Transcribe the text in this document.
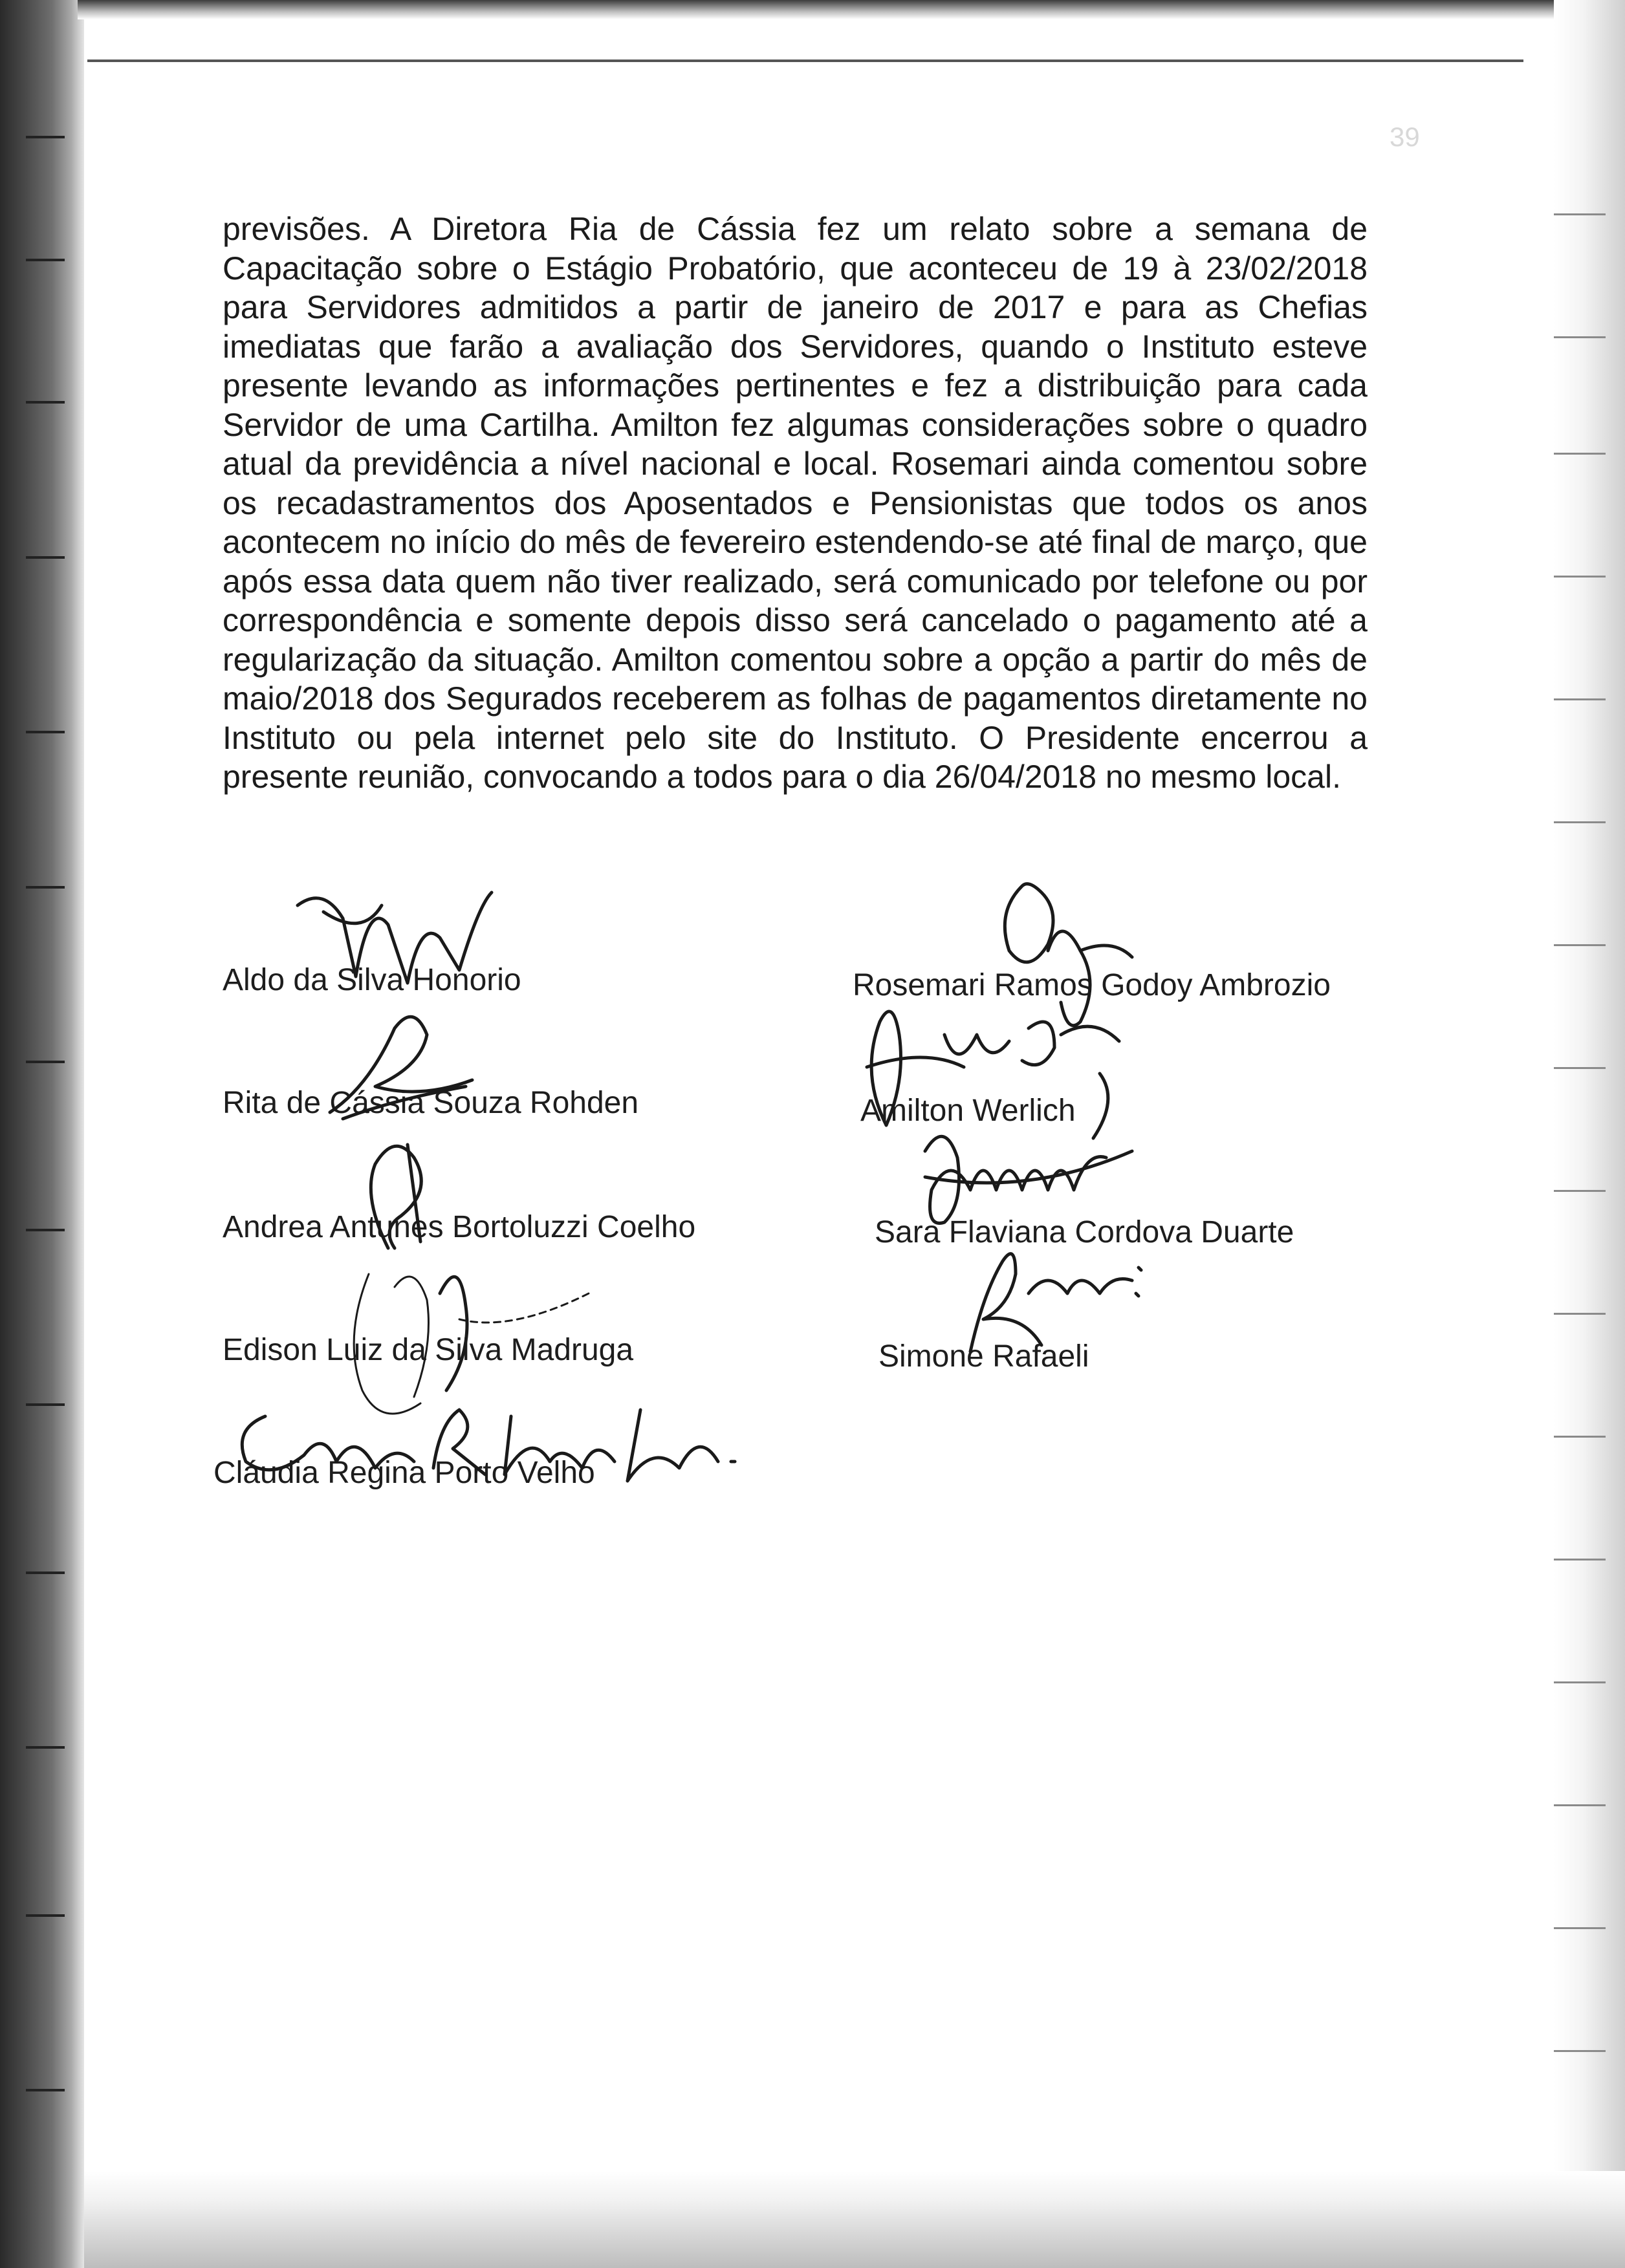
39

previsões. A Diretora Ria de Cássia fez um relato sobre a semana de Capacitação sobre o Estágio Probatório, que aconteceu de 19 à 23/02/2018 para Servidores admitidos a partir de janeiro de 2017 e para as Chefias imediatas que farão a avaliação dos Servidores, quando o Instituto esteve presente levando as informações pertinentes e fez a distribuição para cada Servidor de uma Cartilha. Amilton fez algumas considerações sobre o quadro atual da previdência a nível nacional e local. Rosemari ainda comentou sobre os recadastramentos dos Aposentados e Pensionistas que todos os anos acontecem no início do mês de fevereiro estendendo-se até final de março, que após essa data quem não tiver realizado, será comunicado por telefone ou por correspondência e somente depois disso será cancelado o pagamento até a regularização da situação. Amilton comentou sobre a opção a partir do mês de maio/2018 dos Segurados receberem as folhas de pagamentos diretamente no Instituto ou pela internet pelo site do Instituto. O Presidente encerrou a presente reunião, convocando a todos para o dia 26/04/2018 no mesmo local.

Aldo da Silva Honorio
Rita de Cássia Souza Rohden
Andrea Antunes Bortoluzzi Coelho
Edison Luiz da Silva Madruga
Cláudia Regina Porto Velho
Rosemari Ramos Godoy Ambrozio
Amilton Werlich
Sara Flaviana Cordova Duarte
Simone Rafaeli
